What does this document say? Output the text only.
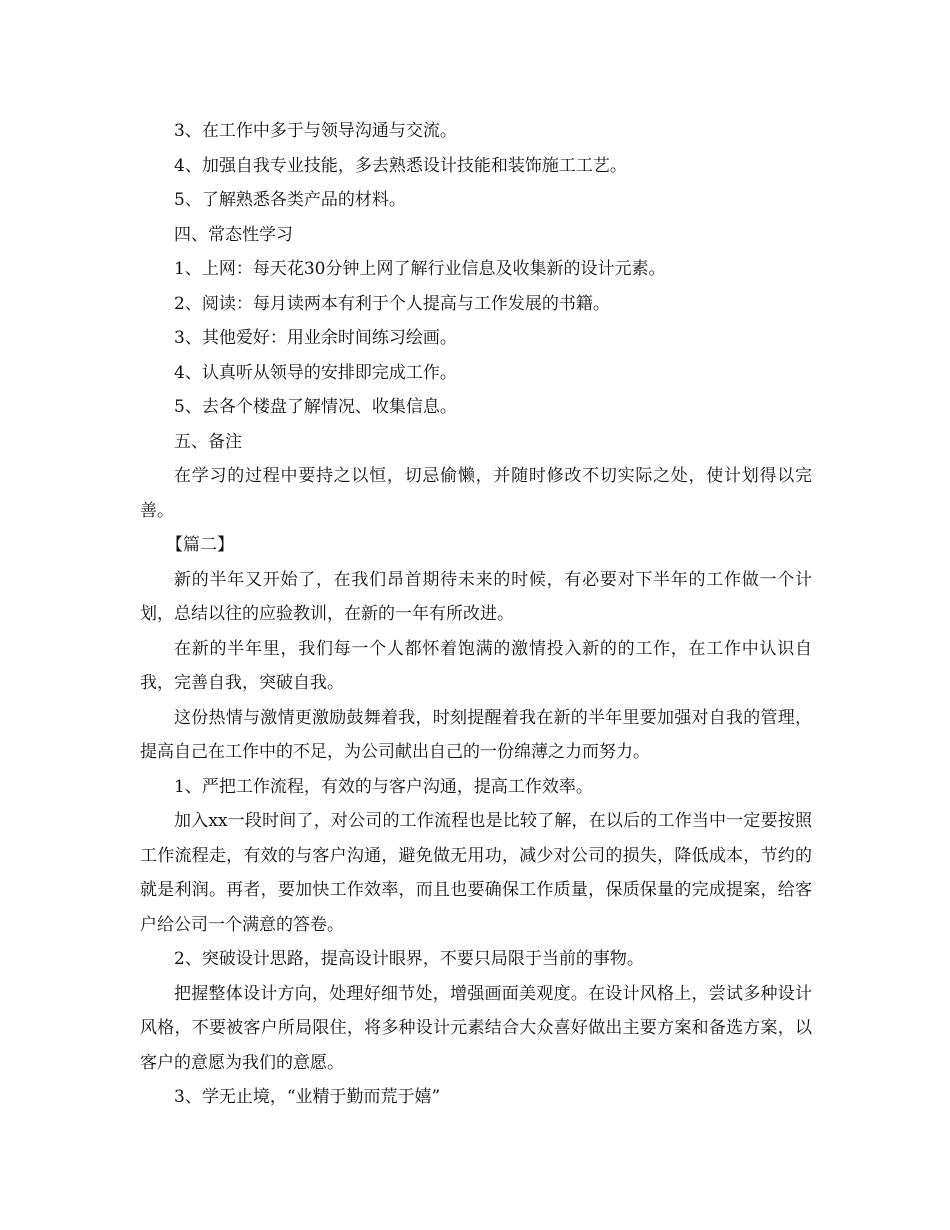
3、在工作中多于与领导沟通与交流。

4、加强自我专业技能，多去熟悉设计技能和装饰施工工艺。

5、了解熟悉各类产品的材料。

四、常态性学习

1、上网：每天花30分钟上网了解行业信息及收集新的设计元素。

2、阅读：每月读两本有利于个人提高与工作发展的书籍。

3、其他爱好：用业余时间练习绘画。

4、认真听从领导的安排即完成工作。

5、去各个楼盘了解情况、收集信息。

五、备注

在学习的过程中要持之以恒，切忌偷懒，并随时修改不切实际之处，使计划得以完善。

【篇二】

新的半年又开始了，在我们昂首期待未来的时候，有必要对下半年的工作做一个计划，总结以往的应验教训，在新的一年有所改进。

在新的半年里，我们每一个人都怀着饱满的激情投入新的的工作，在工作中认识自我，完善自我，突破自我。

这份热情与激情更激励鼓舞着我，时刻提醒着我在新的半年里要加强对自我的管理，提高自己在工作中的不足，为公司献出自己的一份绵薄之力而努力。

1、严把工作流程，有效的与客户沟通，提高工作效率。

加入xx一段时间了，对公司的工作流程也是比较了解，在以后的工作当中一定要按照工作流程走，有效的与客户沟通，避免做无用功，减少对公司的损失，降低成本，节约的就是利润。再者，要加快工作效率，而且也要确保工作质量，保质保量的完成提案，给客户给公司一个满意的答卷。

2、突破设计思路，提高设计眼界，不要只局限于当前的事物。

把握整体设计方向，处理好细节处，增强画面美观度。在设计风格上，尝试多种设计风格，不要被客户所局限住，将多种设计元素结合大众喜好做出主要方案和备选方案，以客户的意愿为我们的意愿。

3、学无止境，“业精于勤而荒于嬉”
